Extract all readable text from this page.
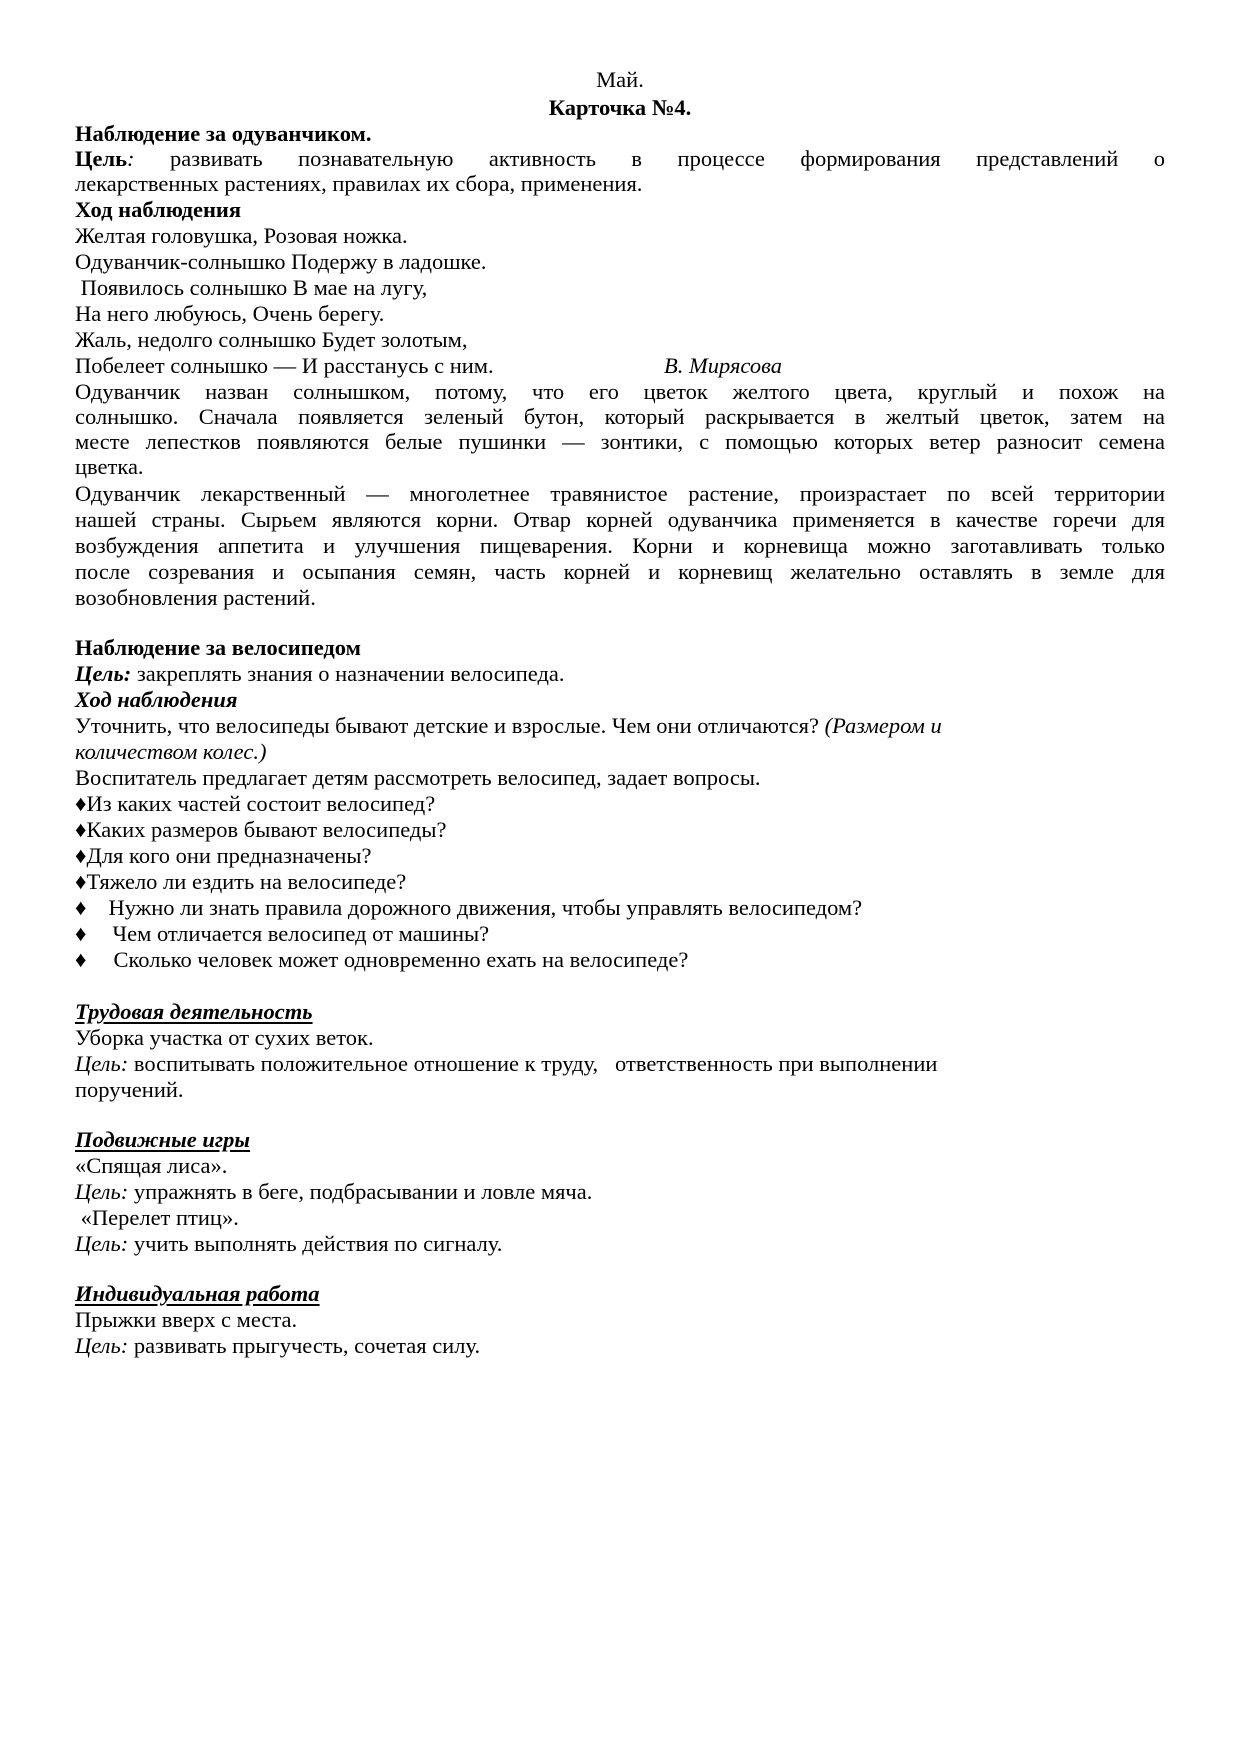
Май.
Карточка №4.
Наблюдение за одуванчиком.
Цель: развивать познавательную активность в процессе формирования представлений о
лекарственных растениях, правилах их сбора, применения.
Ход наблюдения
Желтая головушка, Розовая ножка.
Одуванчик-солнышко Подержу в ладошке.
Появилось солнышко В мае на лугу,
На него любуюсь, Очень берегу.
Жаль, недолго солнышко Будет золотым,
Побелеет солнышко — И расстанусь с ним.	В. Мирясова
Одуванчик назван солнышком, потому, что его цветок желтого цвета, круглый и похож на
солнышко. Сначала появляется зеленый бутон, который раскрывается в желтый цветок, затем на
месте лепестков появляются белые пушинки — зонтики, с помощью которых ветер разносит семена
цветка.
Одуванчик лекарственный — многолетнее травянистое растение, произрастает по всей территории
нашей страны. Сырьем являются корни. Отвар корней одуванчика применяется в качестве горечи для
возбуждения аппетита и улучшения пищеварения. Корни и корневища можно заготавливать только
после созревания и осыпания семян, часть корней и корневищ желательно оставлять в земле для
возобновления растений.
Наблюдение за велосипедом
Цель: закреплять знания о назначении велосипеда.
Ход наблюдения
Уточнить, что велосипеды бывают детские и взрослые. Чем они отличаются? (Размером и
количеством колес.)
Воспитатель предлагает детям рассмотреть велосипед, задает вопросы.
♦Из каких частей состоит велосипед?
♦Каких размеров бывают велосипеды?
♦Для кого они предназначены?
♦Тяжело ли ездить на велосипеде?
♦ Нужно ли знать правила дорожного движения, чтобы управлять велосипедом?
♦ Чем отличается велосипед от машины?
♦ Сколько человек может одновременно ехать на велосипеде?
Трудовая деятельность
Уборка участка от сухих веток.
Цель: воспитывать положительное отношение к труду,   ответственность при выполнении
поручений.
Подвижные игры
«Спящая лиса».
Цель: упражнять в беге, подбрасывании и ловле мяча.
«Перелет птиц».
Цель: учить выполнять действия по сигналу.
Индивидуальная работа
Прыжки вверх с места.
Цель: развивать прыгучесть, сочетая силу.
